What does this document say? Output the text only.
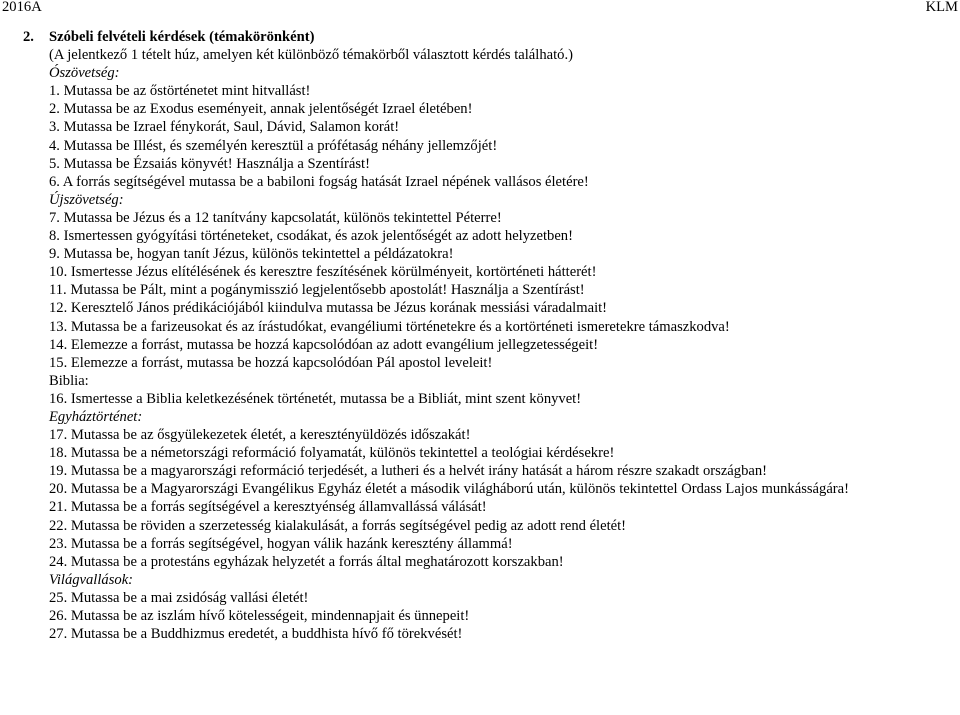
2016A	KLM
2. Szóbeli felvételi kérdések (témakörönként)
(A jelentkező 1 tételt húz, amelyen két különböző témakörből választott kérdés található.)
Ószövetség:
1. Mutassa be az őstörténetet mint hitvallást!
2. Mutassa be az Exodus eseményeit, annak jelentőségét Izrael életében!
3. Mutassa be Izrael fénykorát, Saul, Dávid, Salamon korát!
4. Mutassa be Illést, és személyén keresztül a prófétaság néhány jellemzőjét!
5. Mutassa be Ézsaiás könyvét! Használja a Szentírást!
6. A forrás segítségével mutassa be a babiloni fogság hatását Izrael népének vallásos életére!
Újszövetség:
7. Mutassa be Jézus és a 12 tanítvány kapcsolatát, különös tekintettel Péterre!
8. Ismertessen gyógyítási történeteket, csodákat, és azok jelentőségét az adott helyzetben!
9. Mutassa be, hogyan tanít Jézus, különös tekintettel a példázatokra!
10. Ismertesse Jézus elítélésének és keresztre feszítésének körülményeit, kortörténeti hátterét!
11. Mutassa be Pált, mint a pogánymisszió legjelentősebb apostolát! Használja a Szentírást!
12. Keresztelő János prédikációjából kiindulva mutassa be Jézus korának messiási váradalmait!
13. Mutassa be a farizeusokat és az írástudókat, evangéliumi történetekre és a kortörténeti ismeretekre támaszkodva!
14. Elemezze a forrást, mutassa be hozzá kapcsolódóan az adott evangélium jellegzetességeit!
15. Elemezze a forrást, mutassa be hozzá kapcsolódóan Pál apostol leveleit!
Biblia:
16. Ismertesse a Biblia keletkezésének történetét, mutassa be a Bibliát, mint szent könyvet!
Egyháztörténet:
17. Mutassa be az ősgyülekezetek életét, a keresztényüldözés időszakát!
18. Mutassa be a németországi reformáció folyamatát, különös tekintettel a teológiai kérdésekre!
19. Mutassa be a magyarországi reformáció terjedését, a lutheri és a helvét irány hatását a három részre szakadt országban!
20. Mutassa be a Magyarországi Evangélikus Egyház életét a második világháború után, különös tekintettel Ordass Lajos munkásságára!
21. Mutassa be a forrás segítségével a keresztyénség államvallássá válását!
22. Mutassa be röviden a szerzetesség kialakulását, a forrás segítségével pedig az adott rend életét!
23. Mutassa be a forrás segítségével, hogyan válik hazánk keresztény állammá!
24. Mutassa be a protestáns egyházak helyzetét a forrás által meghatározott korszakban!
Világvallások:
25. Mutassa be a mai zsidóság vallási életét!
26. Mutassa be az iszlám hívő kötelességeit, mindennapjait és ünnepeit!
27. Mutassa be a Buddhizmus eredetét, a buddhista hívő fő törekvését!
